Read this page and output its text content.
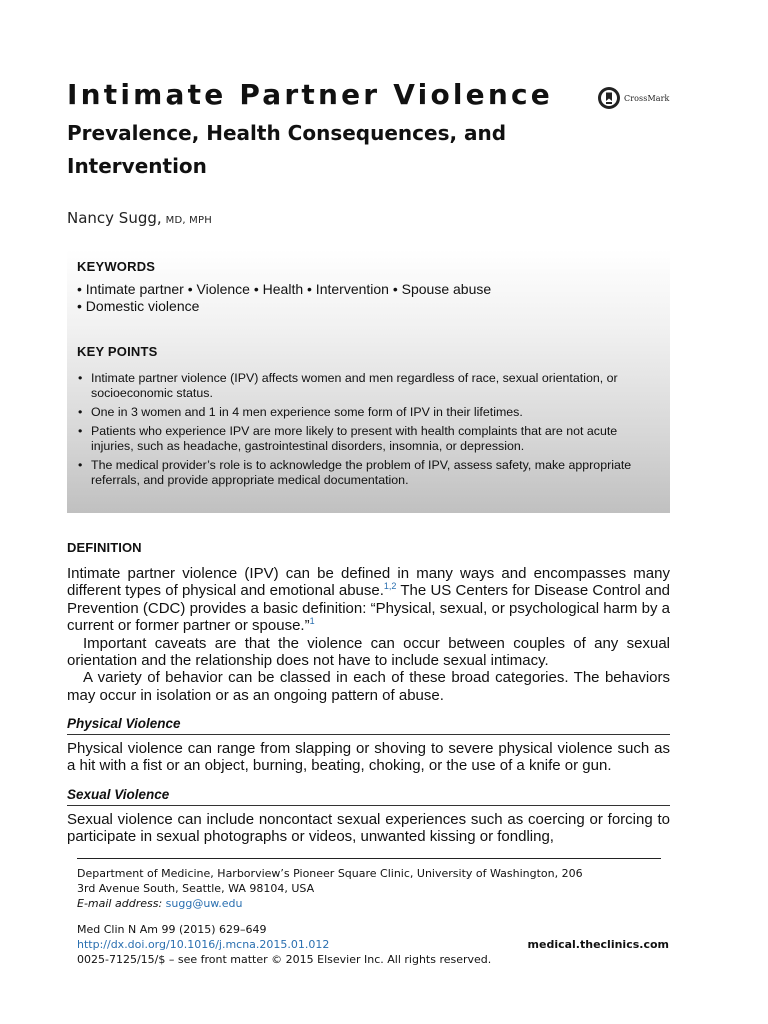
Intimate Partner Violence
Prevalence, Health Consequences, and Intervention
CrossMark
Nancy Sugg, MD, MPH
KEYWORDS
• Intimate partner • Violence • Health • Intervention • Spouse abuse
• Domestic violence
KEY POINTS
• Intimate partner violence (IPV) affects women and men regardless of race, sexual orientation, or socioeconomic status.
• One in 3 women and 1 in 4 men experience some form of IPV in their lifetimes.
• Patients who experience IPV are more likely to present with health complaints that are not acute injuries, such as headache, gastrointestinal disorders, insomnia, or depression.
• The medical provider’s role is to acknowledge the problem of IPV, assess safety, make appropriate referrals, and provide appropriate medical documentation.
DEFINITION

Intimate partner violence (IPV) can be defined in many ways and encompasses many different types of physical and emotional abuse.$^{1,2}$ The US Centers for Disease Control and Prevention (CDC) provides a basic definition: “Physical, sexual, or psychological harm by a current or former partner or spouse.”$^1$

Important caveats are that the violence can occur between couples of any sexual orientation and the relationship does not have to include sexual intimacy.

A variety of behavior can be classed in each of these broad categories. The behaviors may occur in isolation or as an ongoing pattern of abuse.

Physical Violence

Physical violence can range from slapping or shoving to severe physical violence such as a hit with a fist or an object, burning, beating, choking, or the use of a knife or gun.

Sexual Violence

Sexual violence can include noncontact sexual experiences such as coercing or forcing to participate in sexual photographs or videos, unwanted kissing or fondling,

Department of Medicine, Harborview’s Pioneer Square Clinic, University of Washington, 206
3rd Avenue South, Seattle, WA 98104, USA
E-mail address: sugg@uw.edu
Med Clin N Am 99 (2015) 629–649
http://dx.doi.org/10.1016/j.mcna.2015.01.012
0025-7125/15/$ – see front matter © 2015 Elsevier Inc. All rights reserved.
medical.theclinics.com
